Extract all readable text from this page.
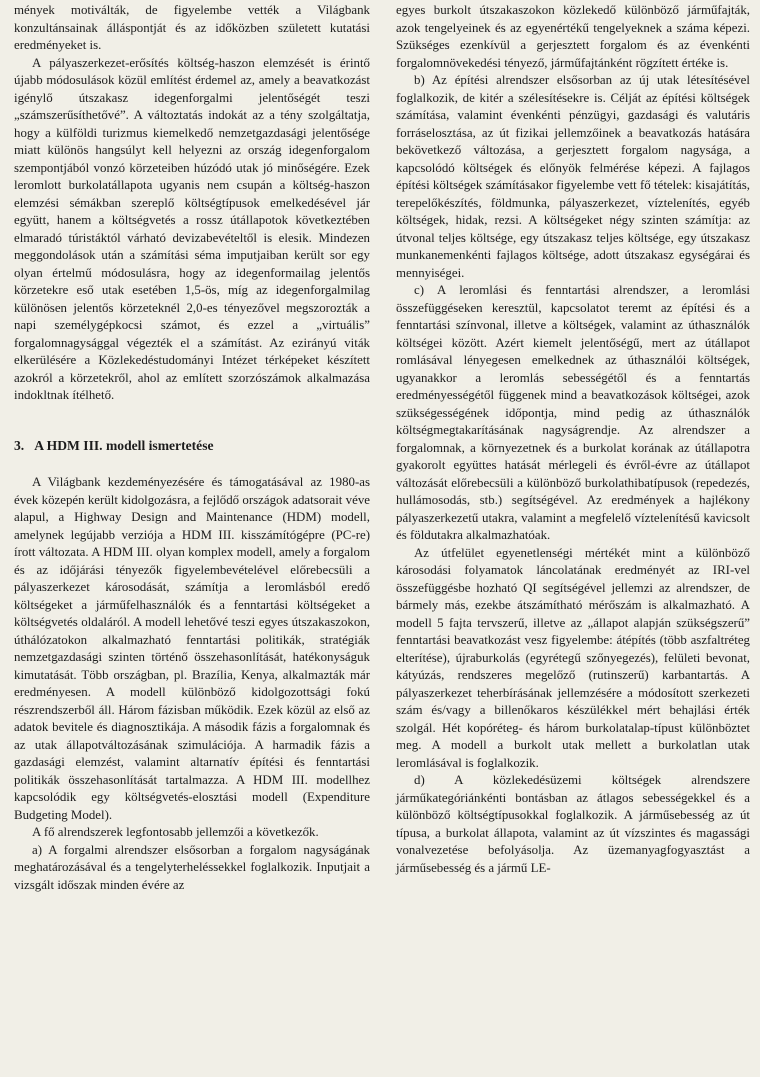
mények motiválták, de figyelembe vették a Világbank konzultánsainak álláspontját és az időközben született kutatási eredményeket is.

A pályaszerkezet-erősítés költség-haszon elemzését is érintő újabb módosulások közül említést érdemel az, amely a beavatkozást igénylő útszakasz idegenforgalmi jelentőségét teszi „számszerűsíthetővé”. A változtatás indokát az a tény szolgáltatja, hogy a külföldi turizmus kiemelkedő nemzetgazdasági jelentősége miatt különös hangsúlyt kell helyezni az ország idegenforgalom szempontjából vonzó körzeteiben húzódó utak jó minőségére. Ezek leromlott burkolatállapota ugyanis nem csupán a költség-haszon elemzési sémákban szereplő költségtípusok emelkedésével jár együtt, hanem a költségvetés a rossz útállapotok következtében elmaradó túristáktól várható devizabevételtől is elesik. Mindezen meggondolások után a számítási séma imputjaiban került sor egy olyan értelmű módosulásra, hogy az idegenformailag jelentős körzetekre eső utak esetében 1,5-ös, míg az idegenforgalmilag különösen jelentős körzeteknél 2,0-es tényezővel megszorozták a napi személygépkocsi számot, és ezzel a „virtuális” forgalomnagysággal végezték el a számítást. Az ezirányú viták elkerülésére a Közlekedéstudományi Intézet térképeket készített azokról a körzetekről, ahol az említett szorzószámok alkalmazása indokltnak ítélhető.

3. A HDM III. modell ismertetése

A Világbank kezdeményezésére és támogatásával az 1980-as évek közepén került kidolgozásra, a fejlődő országok adatsorait véve alapul, a Highway Design and Maintenance (HDM) modell, amelynek legújabb verziója a HDM III. kisszámítógépre (PC-re) írott változata. A HDM III. olyan komplex modell, amely a forgalom és az időjárási tényezők figyelembevételével előrebecsüli a pályaszerkezet károsodását, számítja a leromlásból eredő költségeket a járműfelhasználók és a fenntartási költségeket a költségvetés oldaláról. A modell lehetővé teszi egyes útszakaszokon, úthálózatokon alkalmazható fenntartási politikák, stratégiák nemzetgazdasági szinten történő összehasonlítását, hatékonyságuk kimutatását. Több országban, pl. Brazília, Kenya, alkalmazták már eredményesen. A modell különböző kidolgozottsági fokú részrendszerből áll. Három fázisban működik. Ezek közül az első az adatok bevitele és diagnosztikája. A második fázis a forgalomnak és az utak állapotváltozásának szimulációja. A harmadik fázis a gazdasági elemzést, valamint altarnatív építési és fenntartási politikák összehasonlítását tartalmazza. A HDM III. modellhez kapcsolódik egy költségvetés-elosztási modell (Expenditure Budgeting Model).

A fő alrendszerek legfontosabb jellemzői a következők.

a) A forgalmi alrendszer elsősorban a forgalom nagyságának meghatározásával és a tengelyterheléssekkel foglalkozik. Inputjait a vizsgált időszak minden évére az

egyes burkolt útszakaszokon közlekedő különböző járműfajták, azok tengelyeinek és az egyenértékű tengelyeknek a száma képezi. Szükséges ezenkívül a gerjesztett forgalom és az évenkénti forgalomnövekedési tényező, járműfajtánként rögzített értéke is.

b) Az építési alrendszer elsősorban az új utak létesítésével foglalkozik, de kitér a szélesítésekre is. Célját az építési költségek számítása, valamint évenkénti pénzügyi, gazdasági és valutáris forráselosztása, az út fizikai jellemzőinek a beavatkozás hatására bekövetkező változása, a gerjesztett forgalom nagysága, a kapcsolódó költségek és előnyök felmérése képezi. A fajlagos építési költségek számításakor figyelembe vett fő tételek: kisajátítás, terepelőkészítés, földmunka, pályaszerkezet, víztelenítés, egyéb költségek, hidak, rezsi. A költségeket négy szinten számítja: az útvonal teljes költsége, egy útszakasz teljes költsége, egy útszakasz munkanemenkénti fajlagos költsége, adott útszakasz egységárai és mennyiségei.

c) A leromlási és fenntartási alrendszer, a leromlási összefüggéseken keresztül, kapcsolatot teremt az építési és a fenntartási színvonal, illetve a költségek, valamint az úthasználók költségei között. Azért kiemelt jelentőségű, mert az útállapot romlásával lényegesen emelkednek az úthasználói költségek, ugyanakkor a leromlás sebességétől és a fenntartás eredményességétől függenek mind a beavatkozások költségei, azok szükségességének időpontja, mind pedig az úthasználók költségmegtakarításának nagyságrendje. Az alrendszer a forgalomnak, a környezetnek és a burkolat korának az útállapotra gyakorolt együttes hatását mérlegeli és évről-évre az útállapot változását előrebecsüli a különböző burkolathibatípusok (repedezés, hullámosodás, stb.) segítségével. Az eredmények a hajlékony pályaszerkezetű utakra, valamint a megfelelő víztelenítésű kavicsolt és földutakra alkalmazhatóak.

Az útfelület egyenetlenségi mértékét mint a különböző károsodási folyamatok láncolatának eredményét az IRI-vel összefüggésbe hozható QI segítségével jellemzi az alrendszer, de bármely más, ezekbe átszámítható mérőszám is alkalmazható. A modell 5 fajta tervszerű, illetve az „állapot alapján szükségszerű” fenntartási beavatkozást vesz figyelembe: átépítés (több aszfaltréteg elterítése), újraburkolás (egyrétegű szőnyegezés), felületi bevonat, kátyúzás, rendszeres megelőző (rutinszerű) karbantartás. A pályaszerkezet teherbírásának jellemzésére a módosított szerkezeti szám és/vagy a billenőkaros készülékkel mért behajlási érték szolgál. Hét kopóréteg- és három burkolatalap-típust különböztet meg. A modell a burkolt utak mellett a burkolatlan utak leromlásával is foglalkozik.

d) A közlekedésüzemi költségek alrendszere járműkategóriánkénti bontásban az átlagos sebességekkel és a különböző költségtípusokkal foglalkozik. A járműsebesség az út típusa, a burkolat állapota, valamint az út vízszintes és magassági vonalvezetése befolyásolja. Az üzemanyagfogyasztást a járműsebesség és a jármű LE-
